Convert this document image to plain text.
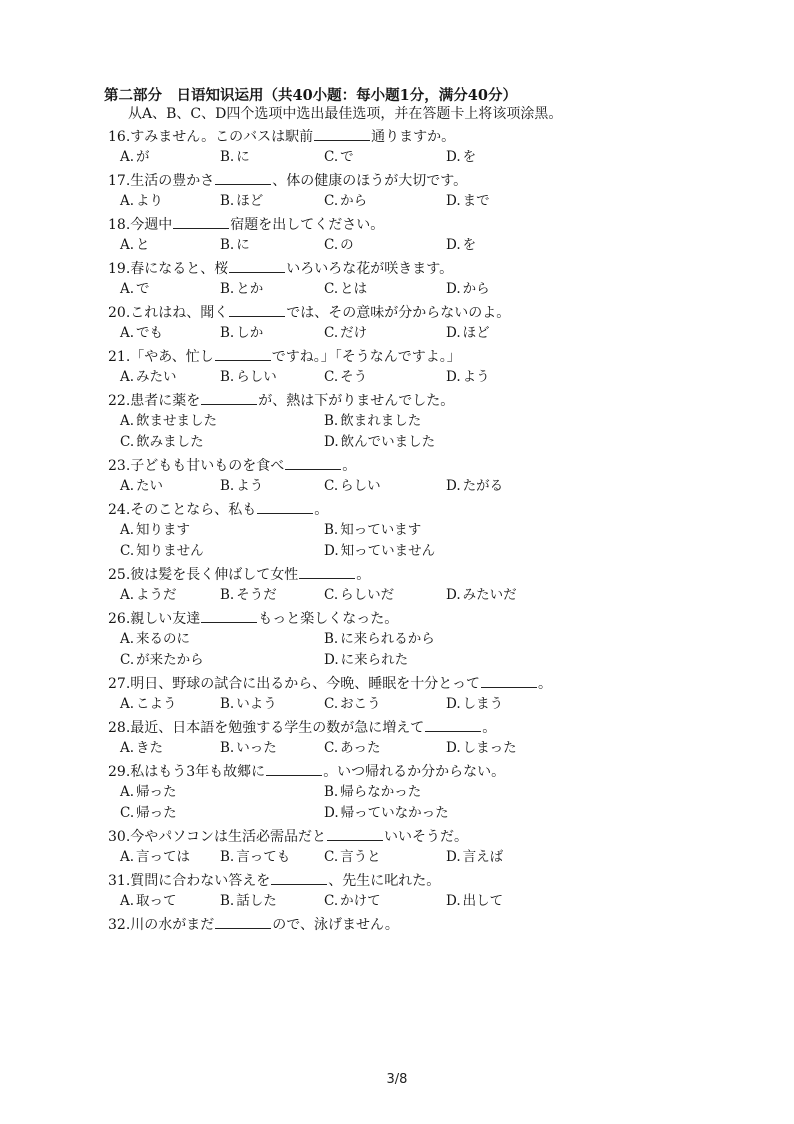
第二部分　日语知识运用（共40小题：每小题1分，满分40分）
从A、B、C、D四个选项中选出最佳选项，并在答题卡上将该项涂黑。
16.すみません。このバスは駅前	通りますか。
A. が	B. に	C. で	D. を
17.生活の豊かさ	、体の健康のほうが大切です。
A. より	B. ほど	C. から	D. まで
18.今週中	宿題を出してください。
A. と	B. に	C. の	D. を
19.春になると、桜	いろいろな花が咲きます。
A. で	B. とか	C. とは	D. から
20.これはね、聞く	では、その意味が分からないのよ。
A. でも	B. しか	C. だけ	D. ほど
21.「やあ、忙し	ですね。」「そうなんですよ。」
A. みたい	B. らしい	C. そう	D. よう
22.患者に薬を	が、熱は下がりませんでした。
A. 飲ませました	B. 飲まれました
C. 飲みました	D. 飲んでいました
23.子どもも甘いものを食べ	。
A. たい	B. よう	C. らしい	D. たがる
24.そのことなら、私も	。
A. 知ります	B. 知っています
C. 知りません	D. 知っていません
25.彼は髪を長く伸ばして女性	。
A. ようだ	B. そうだ	C. らしいだ	D. みたいだ
26.親しい友達	もっと楽しくなった。
A. 来るのに	B. に来られるから
C. が来たから	D. に来られた
27.明日、野球の試合に出るから、今晩、睡眠を十分とって	。
A. こよう	B. いよう	C. おこう	D. しまう
28.最近、日本語を勉強する学生の数が急に増えて	。
A. きた	B. いった	C. あった	D. しまった
29.私はもう3年も故郷に	。いつ帰れるか分からない。
A. 帰った	B. 帰らなかった
C. 帰った	D. 帰っていなかった
30.今やパソコンは生活必需品だと	いいそうだ。
A. 言っては B. 言っても	C. 言うと	D. 言えば
31.質問に合わない答えを	、先生に叱れた。
A. 取って	B. 話した	C. かけて	D. 出して
32.川の水がまだ	ので、泳げません。
3/8
